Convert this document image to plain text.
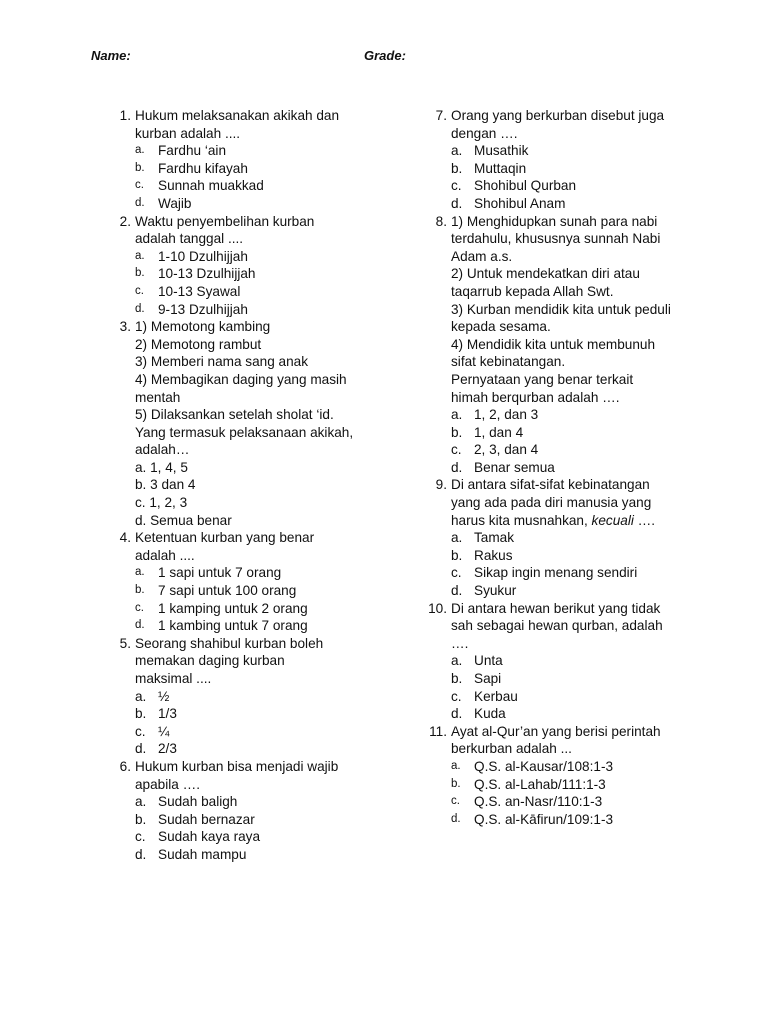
Name:	Grade:
1. Hukum melaksanakan akikah dan
kurban adalah ....
a. Fardhu ‘ain
b. Fardhu kifayah
c. Sunnah muakkad
d. Wajib
2. Waktu penyembelihan kurban
adalah tanggal ....
a. 1-10 Dzulhijjah
b. 10-13 Dzulhijjah
c. 10-13 Syawal
d. 9-13 Dzulhijjah
3. 1) Memotong kambing
2) Memotong rambut
3) Memberi nama sang anak
4) Membagikan daging yang masih
mentah
5) Dilaksankan setelah sholat ‘id.
Yang termasuk pelaksanaan akikah,
adalah…
a. 1, 4, 5
b. 3 dan 4
c. 1, 2, 3
d. Semua benar
4. Ketentuan kurban yang benar
adalah ....
a. 1 sapi untuk 7 orang
b. 7 sapi untuk 100 orang
c. 1 kamping untuk 2 orang
d. 1 kambing untuk 7 orang
5. Seorang shahibul kurban boleh
memakan daging kurban
maksimal ....
a. ½
b. 1/3
c. ¼
d. 2/3
6. Hukum kurban bisa menjadi wajib
apabila ….
a. Sudah baligh
b. Sudah bernazar
c. Sudah kaya raya
d. Sudah mampu
7. Orang yang berkurban disebut juga
dengan ….
a. Musathik
b. Muttaqin
c. Shohibul Qurban
d. Shohibul Anam
8. 1) Menghidupkan sunah para nabi
terdahulu, khususnya sunnah Nabi
Adam a.s.
2) Untuk mendekatkan diri atau
taqarrub kepada Allah Swt.
3) Kurban mendidik kita untuk peduli
kepada sesama.
4) Mendidik kita untuk membunuh
sifat kebinatangan.
Pernyataan yang benar terkait
himah berqurban adalah ….
a. 1, 2, dan 3
b. 1, dan 4
c. 2, 3, dan 4
d. Benar semua
9. Di antara sifat-sifat kebinatangan
yang ada pada diri manusia yang
harus kita musnahkan, kecuali ….
a. Tamak
b. Rakus
c. Sikap ingin menang sendiri
d. Syukur
10. Di antara hewan berikut yang tidak
sah sebagai hewan qurban, adalah
….
a. Unta
b. Sapi
c. Kerbau
d. Kuda
11. Ayat al-Qur’an yang berisi perintah
berkurban adalah ...
a. Q.S. al-Kausar/108:1-3
b. Q.S. al-Lahab/111:1-3
c. Q.S. an-Nasr/110:1-3
d. Q.S. al-Kāfirun/109:1-3
